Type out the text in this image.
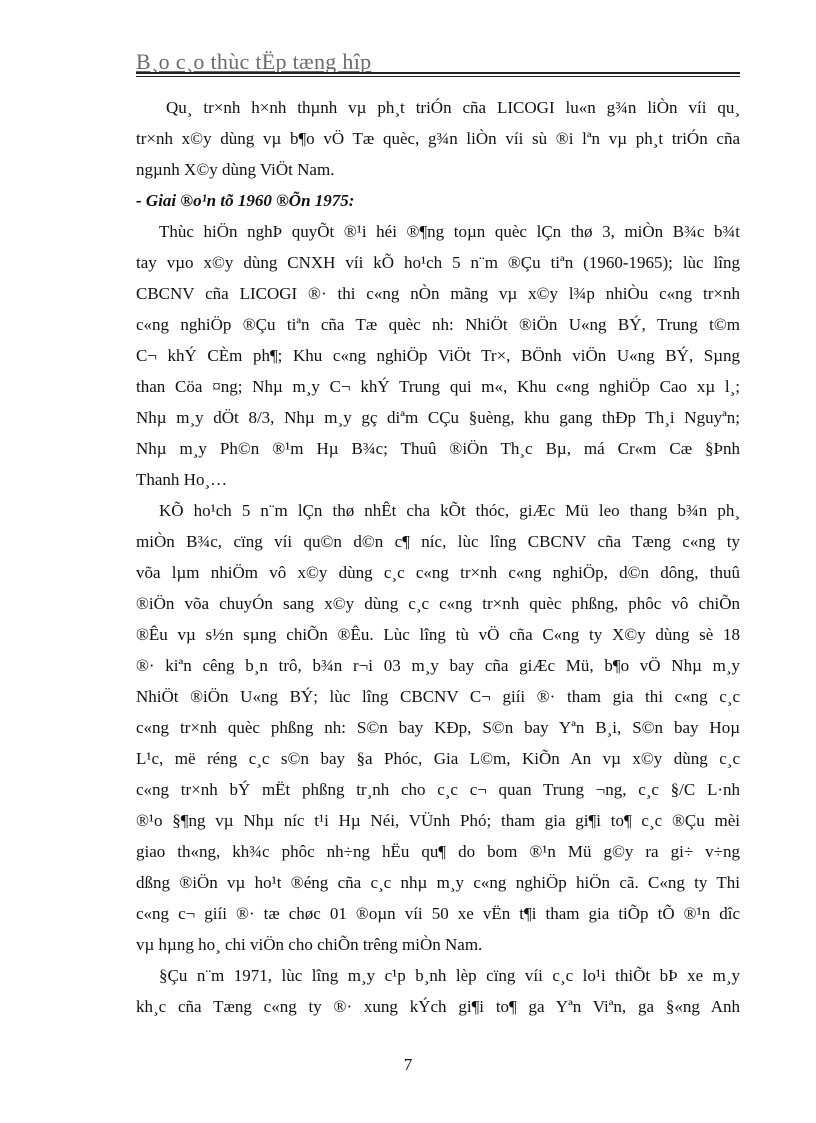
B¸o c¸o thùc tËp tæng hîp
Qu¸ tr×nh h×nh thµnh vµ ph¸t triÓn cña LICOGI lu«n g¾n liÒn víi qu¸
tr×nh x©y dùng vµ b¶o vÖ Tæ quèc, g¾n liÒn víi sù ®i lªn vµ ph¸t triÓn cña
ngµnh X©y dùng ViÖt Nam.
- Giai ®o¹n tõ 1960 ®Õn 1975:
Thùc hiÖn nghÞ quyÕt ®¹i héi ®¶ng toµn quèc lÇn thø 3, miÒn B¾c b¾t
tay vµo x©y dùng CNXH víi kÕ ho¹ch 5 n¨m ®Çu tiªn (1960-1965); lùc lîng
CBCNV cña LICOGI ®· thi c«ng nÒn mãng vµ x©y l¾p nhiÒu c«ng tr×nh
c«ng nghiÖp ®Çu tiªn cña Tæ quèc nh: NhiÖt ®iÖn U«ng BÝ, Trung t©m
C¬ khÝ CÈm ph¶; Khu c«ng nghiÖp ViÖt Tr×, BÖnh viÖn U«ng BÝ, Sµng
than Cöa ¤ng; Nhµ m¸y C¬ khÝ Trung qui m«, Khu c«ng nghiÖp Cao xµ l¸;
Nhµ m¸y dÖt 8/3, Nhµ m¸y gç diªm CÇu §uèng, khu gang thÐp Th¸i Nguyªn;
Nhµ m¸y Ph©n ®¹m Hµ B¾c; Thuû ®iÖn Th¸c Bµ, má Cr«m Cæ §Þnh
Thanh Ho¸…
KÕ ho¹ch 5 n¨m lÇn thø nhÊt cha kÕt thóc, giÆc Mü leo thang b¾n ph¸
miÒn B¾c, cïng víi qu©n d©n c¶ níc, lùc lîng CBCNV cña Tæng c«ng ty
võa lµm nhiÖm vô x©y dùng c¸c c«ng tr×nh c«ng nghiÖp, d©n dông, thuû
®iÖn võa chuyÓn sang x©y dùng c¸c c«ng tr×nh quèc phßng, phôc vô chiÕn
®Êu vµ s½n sµng chiÕn ®Êu. Lùc lîng tù vÖ cña C«ng ty X©y dùng sè 18
®· kiªn cêng b¸n trô, b¾n r¬i 03 m¸y bay cña giÆc Mü, b¶o vÖ Nhµ m¸y
NhiÖt ®iÖn U«ng BÝ; lùc lîng CBCNV C¬ giíi ®· tham gia thi c«ng c¸c
c«ng tr×nh quèc phßng nh: S©n bay KÐp, S©n bay Yªn B¸i, S©n bay Hoµ
L¹c, më réng c¸c s©n bay §a Phóc, Gia L©m, KiÕn An vµ x©y dùng c¸c
c«ng tr×nh bÝ mËt phßng tr¸nh cho c¸c c¬ quan Trung ¬ng, c¸c §/C L·nh
®¹o §¶ng vµ Nhµ níc t¹i Hµ Néi, VÜnh Phó; tham gia gi¶i to¶ c¸c ®Çu mèi
giao th«ng, kh¾c phôc nh÷ng hËu qu¶ do bom ®¹n Mü g©y ra gi÷ v÷ng
dßng ®iÖn vµ ho¹t ®éng cña c¸c nhµ m¸y c«ng nghiÖp hiÖn cã. C«ng ty Thi
c«ng c¬ giíi ®· tæ chøc 01 ®oµn víi 50 xe vËn t¶i tham gia tiÕp tÕ ®¹n dîc
vµ hµng ho¸ chi viÖn cho chiÕn trêng miÒn Nam.
§Çu n¨m 1971, lùc lîng m¸y c¹p b¸nh lèp cïng víi c¸c lo¹i thiÕt bÞ xe m¸y
kh¸c cña Tæng c«ng ty ®· xung kÝch gi¶i to¶ ga Yªn Viªn, ga §«ng Anh
7
